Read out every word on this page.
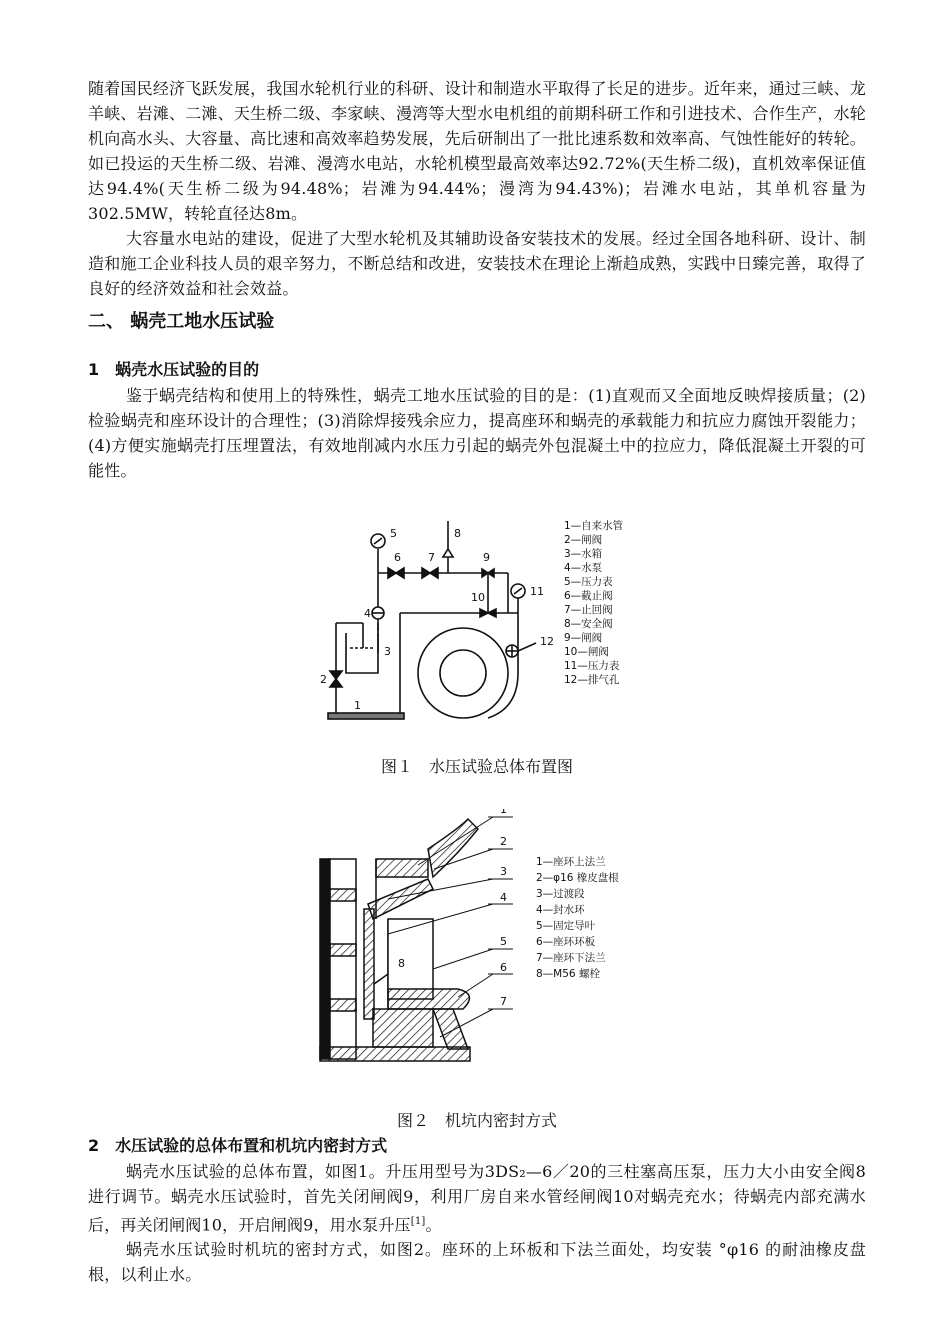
随着国民经济飞跃发展，我国水轮机行业的科研、设计和制造水平取得了长足的进步。近年来，通过三峡、龙羊峡、岩滩、二滩、天生桥二级、李家峡、漫湾等大型水电机组的前期科研工作和引进技术、合作生产，水轮机向高水头、大容量、高比速和高效率趋势发展，先后研制出了一批比速系数和效率高、气蚀性能好的转轮。如已投运的天生桥二级、岩滩、漫湾水电站，水轮机模型最高效率达92.72%(天生桥二级)，直机效率保证值达94.4%(天生桥二级为94.48%；岩滩为94.44%；漫湾为94.43%)；岩滩水电站，其单机容量为302.5MW，转轮直径达8m。

大容量水电站的建设，促进了大型水轮机及其辅助设备安装技术的发展。经过全国各地科研、设计、制造和施工企业科技人员的艰辛努力，不断总结和改进，安装技术在理论上渐趋成熟，实践中日臻完善，取得了良好的经济效益和社会效益。

二、 蜗壳工地水压试验
1　蜗壳水压试验的目的

鉴于蜗壳结构和使用上的特殊性，蜗壳工地水压试验的目的是：(1)直观而又全面地反映焊接质量；(2) 检验蜗壳和座环设计的合理性；(3)消除焊接残余应力，提高座环和蜗壳的承载能力和抗应力腐蚀开裂能力；(4)方便实施蜗壳打压埋置法，有效地削减内水压力引起的蜗壳外包混凝土中的拉应力，降低混凝土开裂的可能性。

5
6 7
8
9
10	11
12
4
3
2
1
1—自来水管
2—闸阀
3—水箱
4—水泵
5—压力表
6—截止阀
7—止回阀
8—安全阀
9—闸阀
10—闸阀
11—压力表
12—排气孔
图１　水压试验总体布置图
1
2
3
4
5
6
7
8
1—座环上法兰
2—φ16 橡皮盘根
3—过渡段
4—封水环
5—固定导叶
6—座环环板
7—座环下法兰
8—M56 螺栓
图２　机坑内密封方式
2　水压试验的总体布置和机坑内密封方式

蜗壳水压试验的总体布置，如图1。升压用型号为3DS₂—6／20的三柱塞高压泵，压力大小由安全阀8进行调节。蜗壳水压试验时，首先关闭闸阀9，利用厂房自来水管经闸阀10对蜗壳充水；待蜗壳内部充满水后，再关闭闸阀10，开启闸阀9，用水泵升压[1]。

蜗壳水压试验时机坑的密封方式，如图2。座环的上环板和下法兰面处，均安装 °φ16 的耐油橡皮盘根，以利止水。
